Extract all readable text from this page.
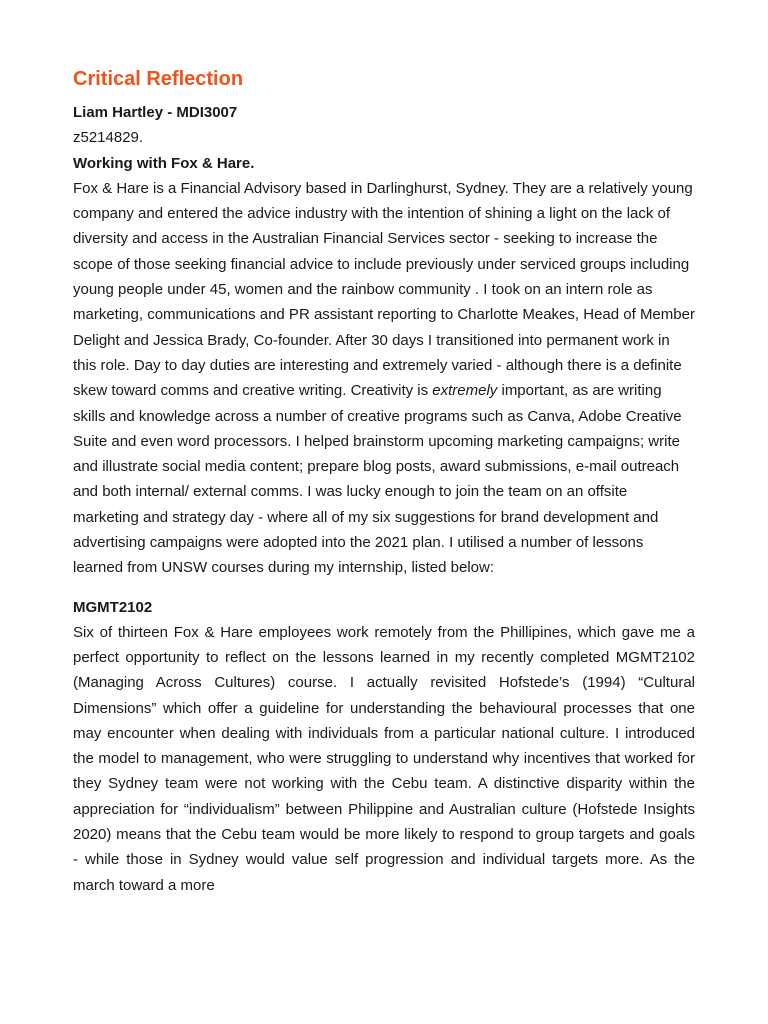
Critical Reflection

Liam Hartley - MDI3007

z5214829.

Working with Fox & Hare.

Fox & Hare is a Financial Advisory based in Darlinghurst, Sydney. They are a relatively young company and entered the advice industry with the intention of shining a light on the lack of diversity and access in the Australian Financial Services sector - seeking to increase the scope of those seeking financial advice to include previously under serviced groups including young people under 45, women and the rainbow community . I took on an intern role as marketing, communications and PR assistant reporting to Charlotte Meakes, Head of Member Delight and Jessica Brady, Co-founder. After 30 days I transitioned into permanent work in this role. Day to day duties are interesting and extremely varied - although there is a definite skew toward comms and creative writing. Creativity is extremely important, as are writing skills and knowledge across a number of creative programs such as Canva, Adobe Creative Suite and even word processors. I helped brainstorm upcoming marketing campaigns; write and illustrate social media content; prepare blog posts, award submissions, e-mail outreach and both internal/ external comms. I was lucky enough to join the team on an offsite marketing and strategy day - where all of my six suggestions for brand development and advertising campaigns were adopted into the 2021 plan. I utilised a number of lessons learned from UNSW courses during my internship, listed below:

MGMT2102

Six of thirteen Fox & Hare employees work remotely from the Phillipines, which gave me a perfect opportunity to reflect on the lessons learned in my recently completed MGMT2102 (Managing Across Cultures) course. I actually revisited Hofstede’s (1994) “Cultural Dimensions” which offer a guideline for understanding the behavioural processes that one may encounter when dealing with individuals from a particular national culture. I introduced the model to management, who were struggling to understand why incentives that worked for they Sydney team were not working with the Cebu team. A distinctive disparity within the appreciation for “individualism” between Philippine and Australian culture (Hofstede Insights 2020) means that the Cebu team would be more likely to respond to group targets and goals - while those in Sydney would value self progression and individual targets more. As the march toward a more
